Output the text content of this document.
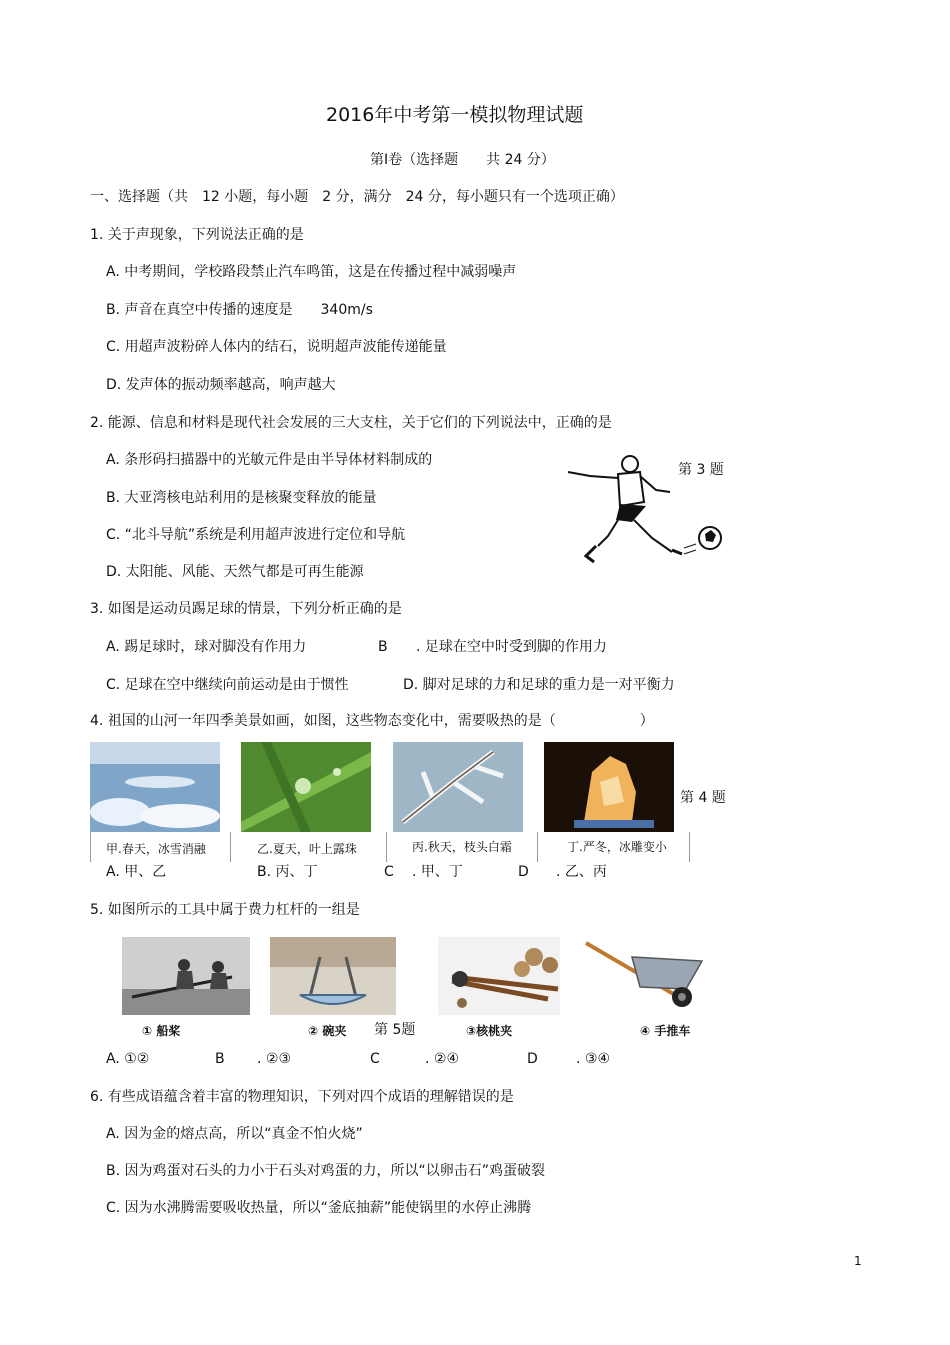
2016年中考第一模拟物理试题
第Ⅰ卷（选择题　　共 24 分）
一、选择题（共　12 小题，每小题　2 分，满分　24 分，每小题只有一个选项正确）
1. 关于声现象，下列说法正确的是
A. 中考期间，学校路段禁止汽车鸣笛，这是在传播过程中减弱噪声
B. 声音在真空中传播的速度是　　340m/s
C. 用超声波粉碎人体内的结石，说明超声波能传递能量
D. 发声体的振动频率越高，响声越大
2. 能源、信息和材料是现代社会发展的三大支柱，关于它们的下列说法中，正确的是
A. 条形码扫描器中的光敏元件是由半导体材料制成的
B. 大亚湾核电站利用的是核聚变释放的能量
C. “北斗导航”系统是利用超声波进行定位和导航
D. 太阳能、风能、天然气都是可再生能源
第 3 题
3. 如图是运动员踢足球的情景，下列分析正确的是
A. 踢足球时，球对脚没有作用力	B . 足球在空中时受到脚的作用力
C. 足球在空中继续向前运动是由于惯性	D. 脚对足球的力和足球的重力是一对平衡力
4. 祖国的山河一年四季美景如画，如图，这些物态变化中，需要吸热的是（　　　　　　）
第 4 题
甲.春天，冰雪消融	乙.夏天，叶上露珠	丙.秋天，枝头白霜	丁.严冬，冰雕变小
A. 甲、乙	B. 丙、丁	C . 甲、丁	D . 乙、丙
5. 如图所示的工具中属于费力杠杆的一组是
① 船桨	② 碗夹 第 5题	③核桃夹	④ 手推车
A. ①②	B . ②③	C	. ②④	D	. ③④
6. 有些成语蕴含着丰富的物理知识，下列对四个成语的理解错误的是
A. 因为金的熔点高，所以“真金不怕火烧”
B. 因为鸡蛋对石头的力小于石头对鸡蛋的力，所以“以卵击石”鸡蛋破裂
C. 因为水沸腾需要吸收热量，所以“釜底抽薪”能使锅里的水停止沸腾
1
